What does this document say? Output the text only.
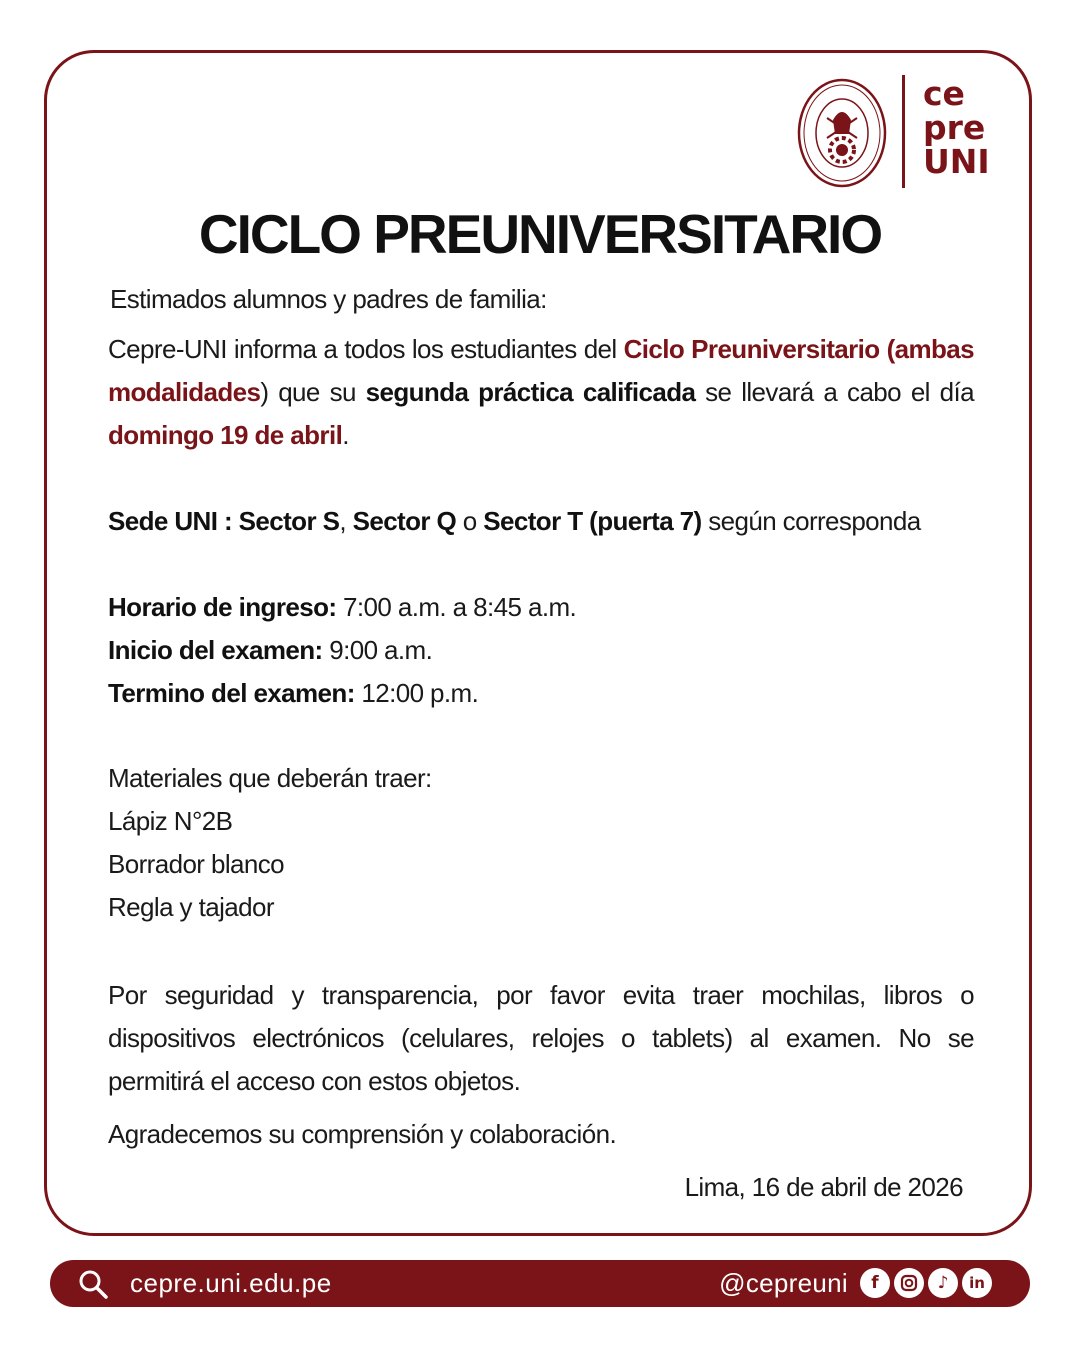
ce
pre
UNI
CICLO PREUNIVERSITARIO
Estimados alumnos y padres de familia:
Cepre-UNI informa a todos los estudiantes del Ciclo Preuniversitario (ambas modalidades) que su segunda práctica calificada se llevará a cabo el día domingo 19 de abril.
Sede UNI : Sector S, Sector Q o Sector T (puerta 7) según corresponda
Horario de ingreso: 7:00 a.m. a 8:45 a.m.
Inicio del examen: 9:00 a.m.
Termino del examen: 12:00 p.m.
Materiales que deberán traer:
Lápiz N°2B
Borrador blanco
Regla y tajador
Por seguridad y transparencia, por favor evita traer mochilas, libros o dispositivos electrónicos (celulares, relojes o tablets) al examen. No se permitirá el acceso con estos objetos.
Agradecemos su comprensión y colaboración.
Lima, 16 de abril de 2026
cepre.uni.edu.pe	@cepreuni	f	♪	in
